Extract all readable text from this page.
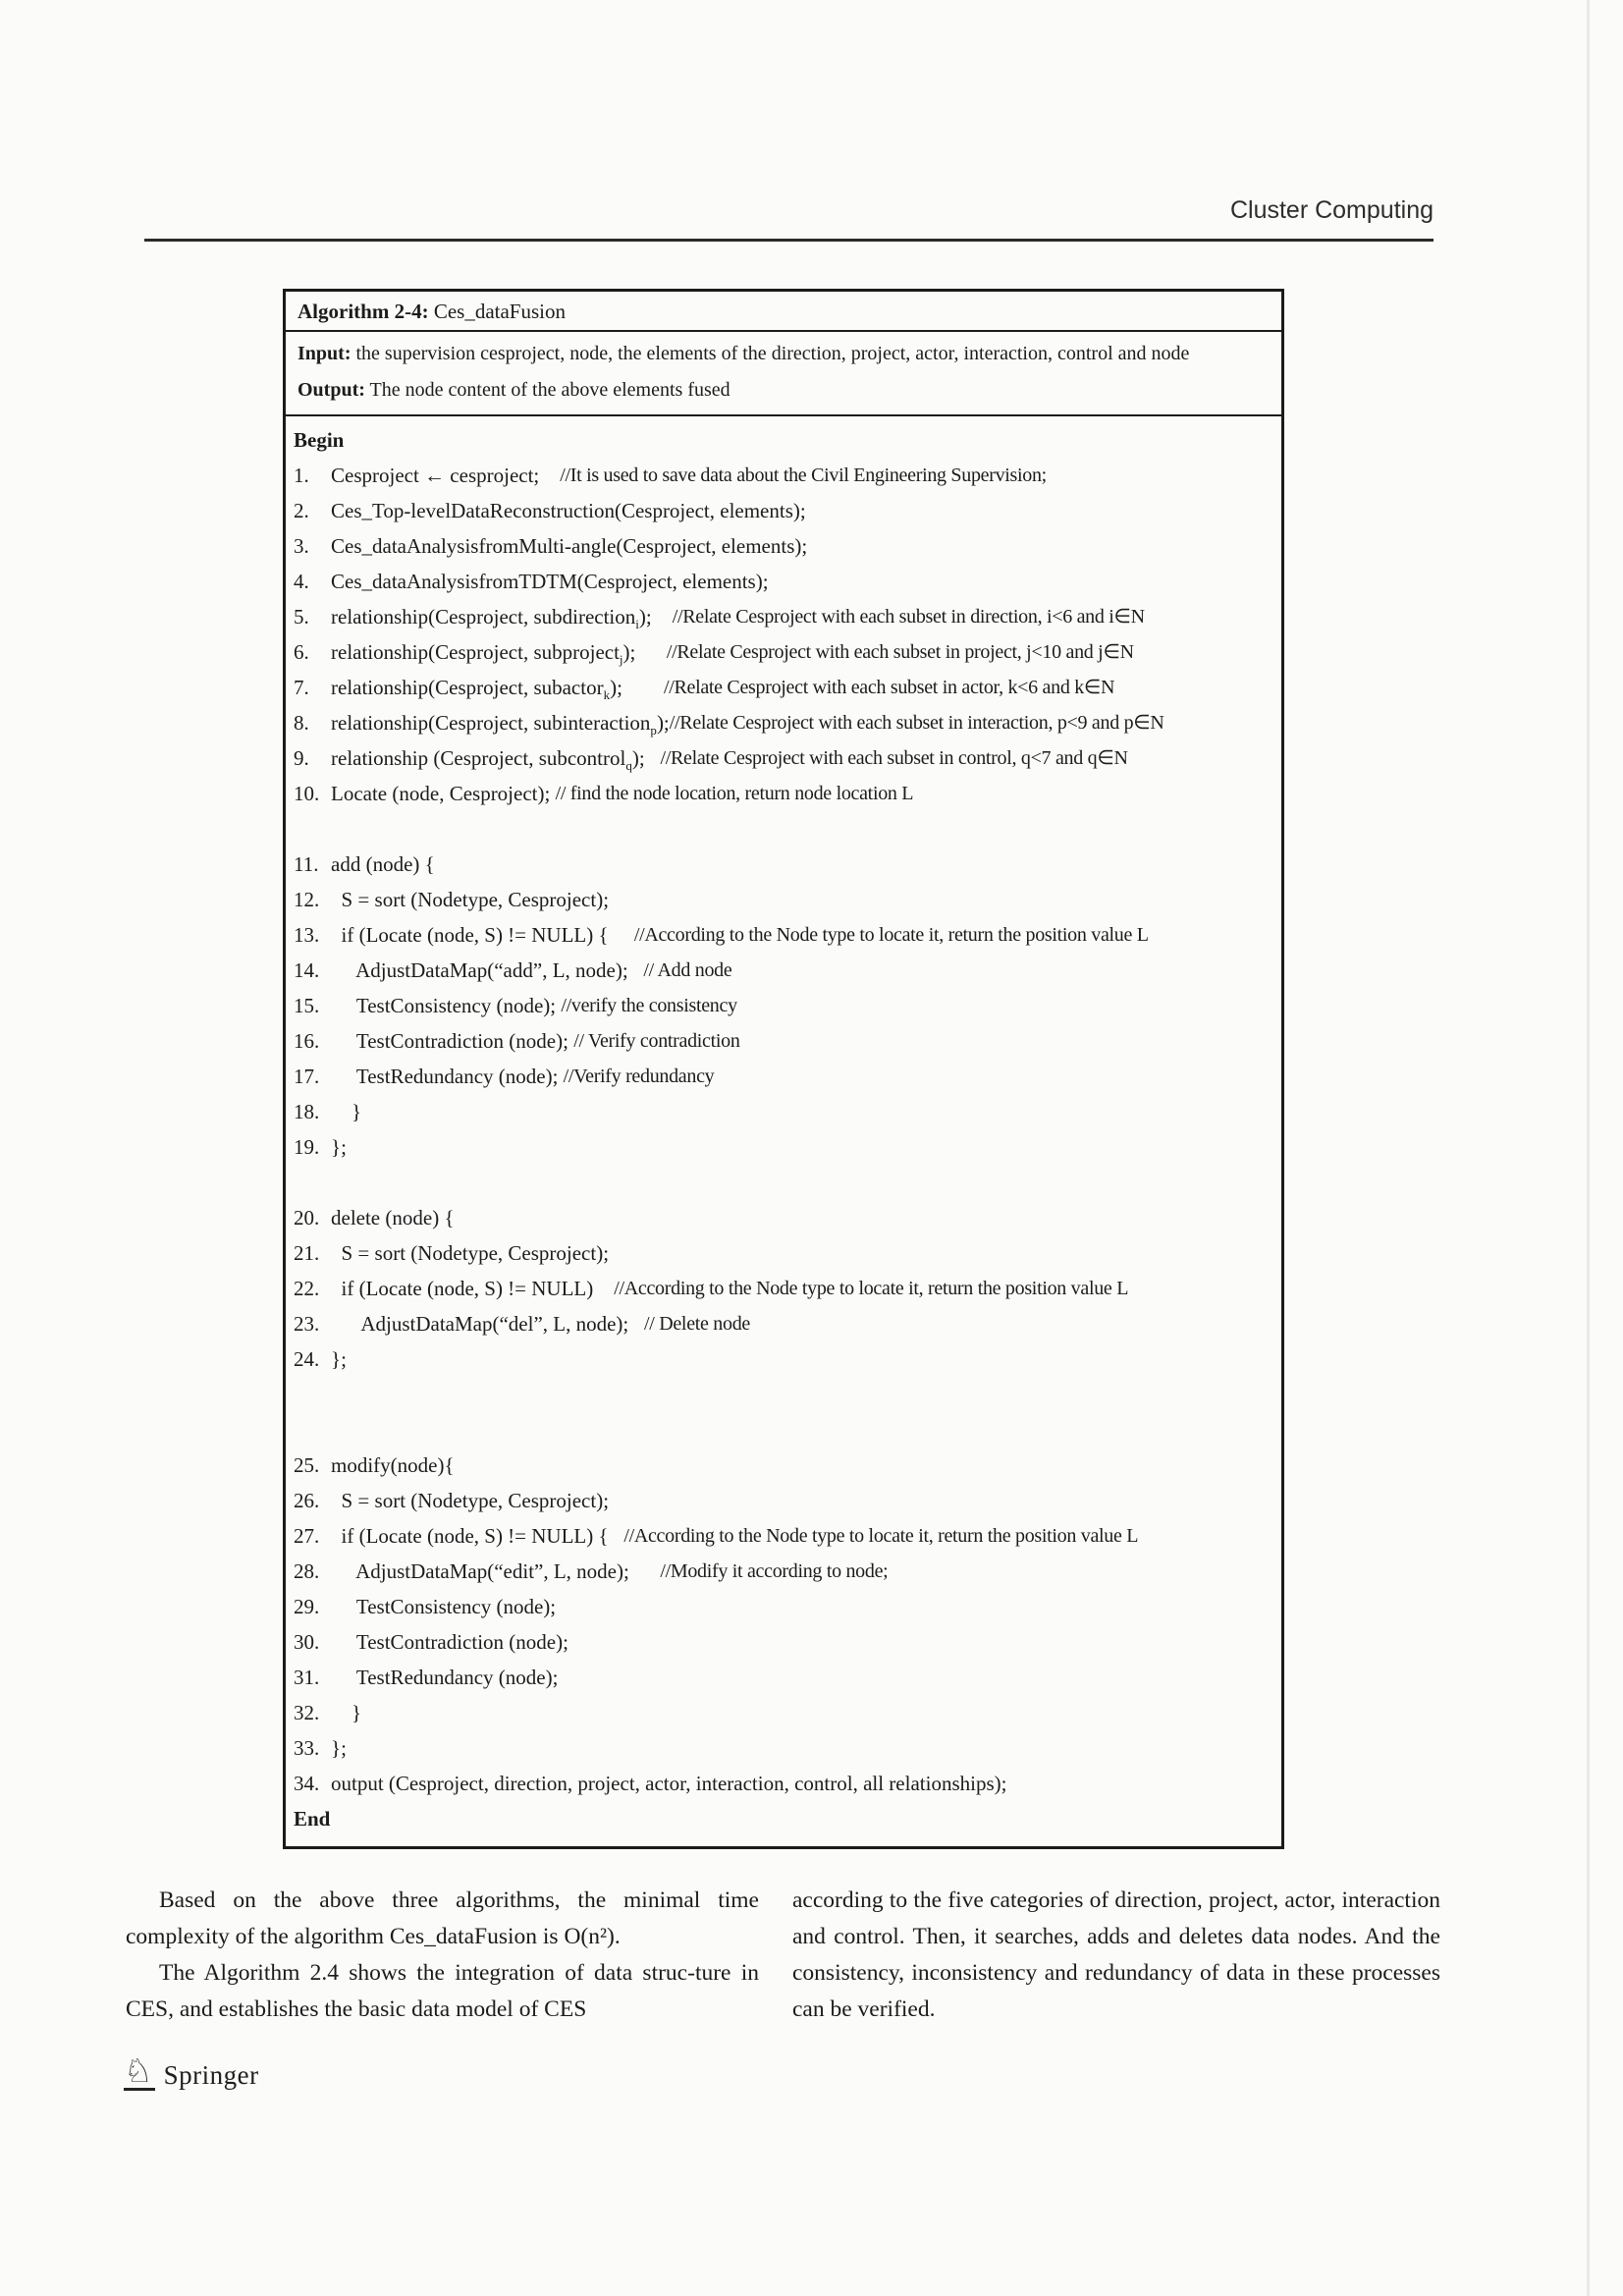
Cluster Computing
Algorithm 2-4: Ces_dataFusion
Input: the supervision cesproject, node, the elements of the direction, project, actor, interaction, control and node
Output: The node content of the above elements fused
Begin
1.	Cesproject ← cesproject; //It is used to save data about the Civil Engineering Supervision;
2.	Ces_Top-levelDataReconstruction(Cesproject, elements);
3.	Ces_dataAnalysisfromMulti-angle(Cesproject, elements);
4.	Ces_dataAnalysisfromTDTM(Cesproject, elements);
5.	relationship(Cesproject, subdirection$_i$); //Relate Cesproject with each subset in direction, i<6 and i∈N
6.	relationship(Cesproject, subproject$_j$); //Relate Cesproject with each subset in project, j<10 and j∈N
7.	relationship(Cesproject, subactor$_k$); //Relate Cesproject with each subset in actor, k<6 and k∈N
8.	relationship(Cesproject, subinteraction$_p$); //Relate Cesproject with each subset in interaction, p<9 and p∈N
9.	relationship (Cesproject, subcontrol$_q$); //Relate Cesproject with each subset in control, q<7 and q∈N
10. Locate (node, Cesproject); // find the node location, return node location L
11. add (node) {
12. S = sort (Nodetype, Cesproject);
13. if (Locate (node, S) != NULL) { //According to the Node type to locate it, return the position value L
14. AdjustDataMap(“add”, L, node); // Add node
15. TestConsistency (node); //verify the consistency
16. TestContradiction (node); // Verify contradiction
17. TestRedundancy (node); //Verify redundancy
18. }
19. };
20. delete (node) {
21. S = sort (Nodetype, Cesproject);
22. if (Locate (node, S) != NULL) //According to the Node type to locate it, return the position value L
23. AdjustDataMap(“del”, L, node); // Delete node
24. };
25. modify(node){
26. S = sort (Nodetype, Cesproject);
27. if (Locate (node, S) != NULL) { //According to the Node type to locate it, return the position value L
28. AdjustDataMap(“edit”, L, node); //Modify it according to node;
29. TestConsistency (node);
30. TestContradiction (node);
31. TestRedundancy (node);
32. }
33. };
34. output (Cesproject, direction, project, actor, interaction, control, all relationships);
End

Based on the above three algorithms, the minimal time complexity of the algorithm Ces_dataFusion is O(n²).

The Algorithm 2.4 shows the integration of data struc-ture in CES, and establishes the basic data model of CES

according to the five categories of direction, project, actor, interaction and control. Then, it searches, adds and deletes data nodes. And the consistency, inconsistency and redundancy of data in these processes can be verified.

♘ Springer
